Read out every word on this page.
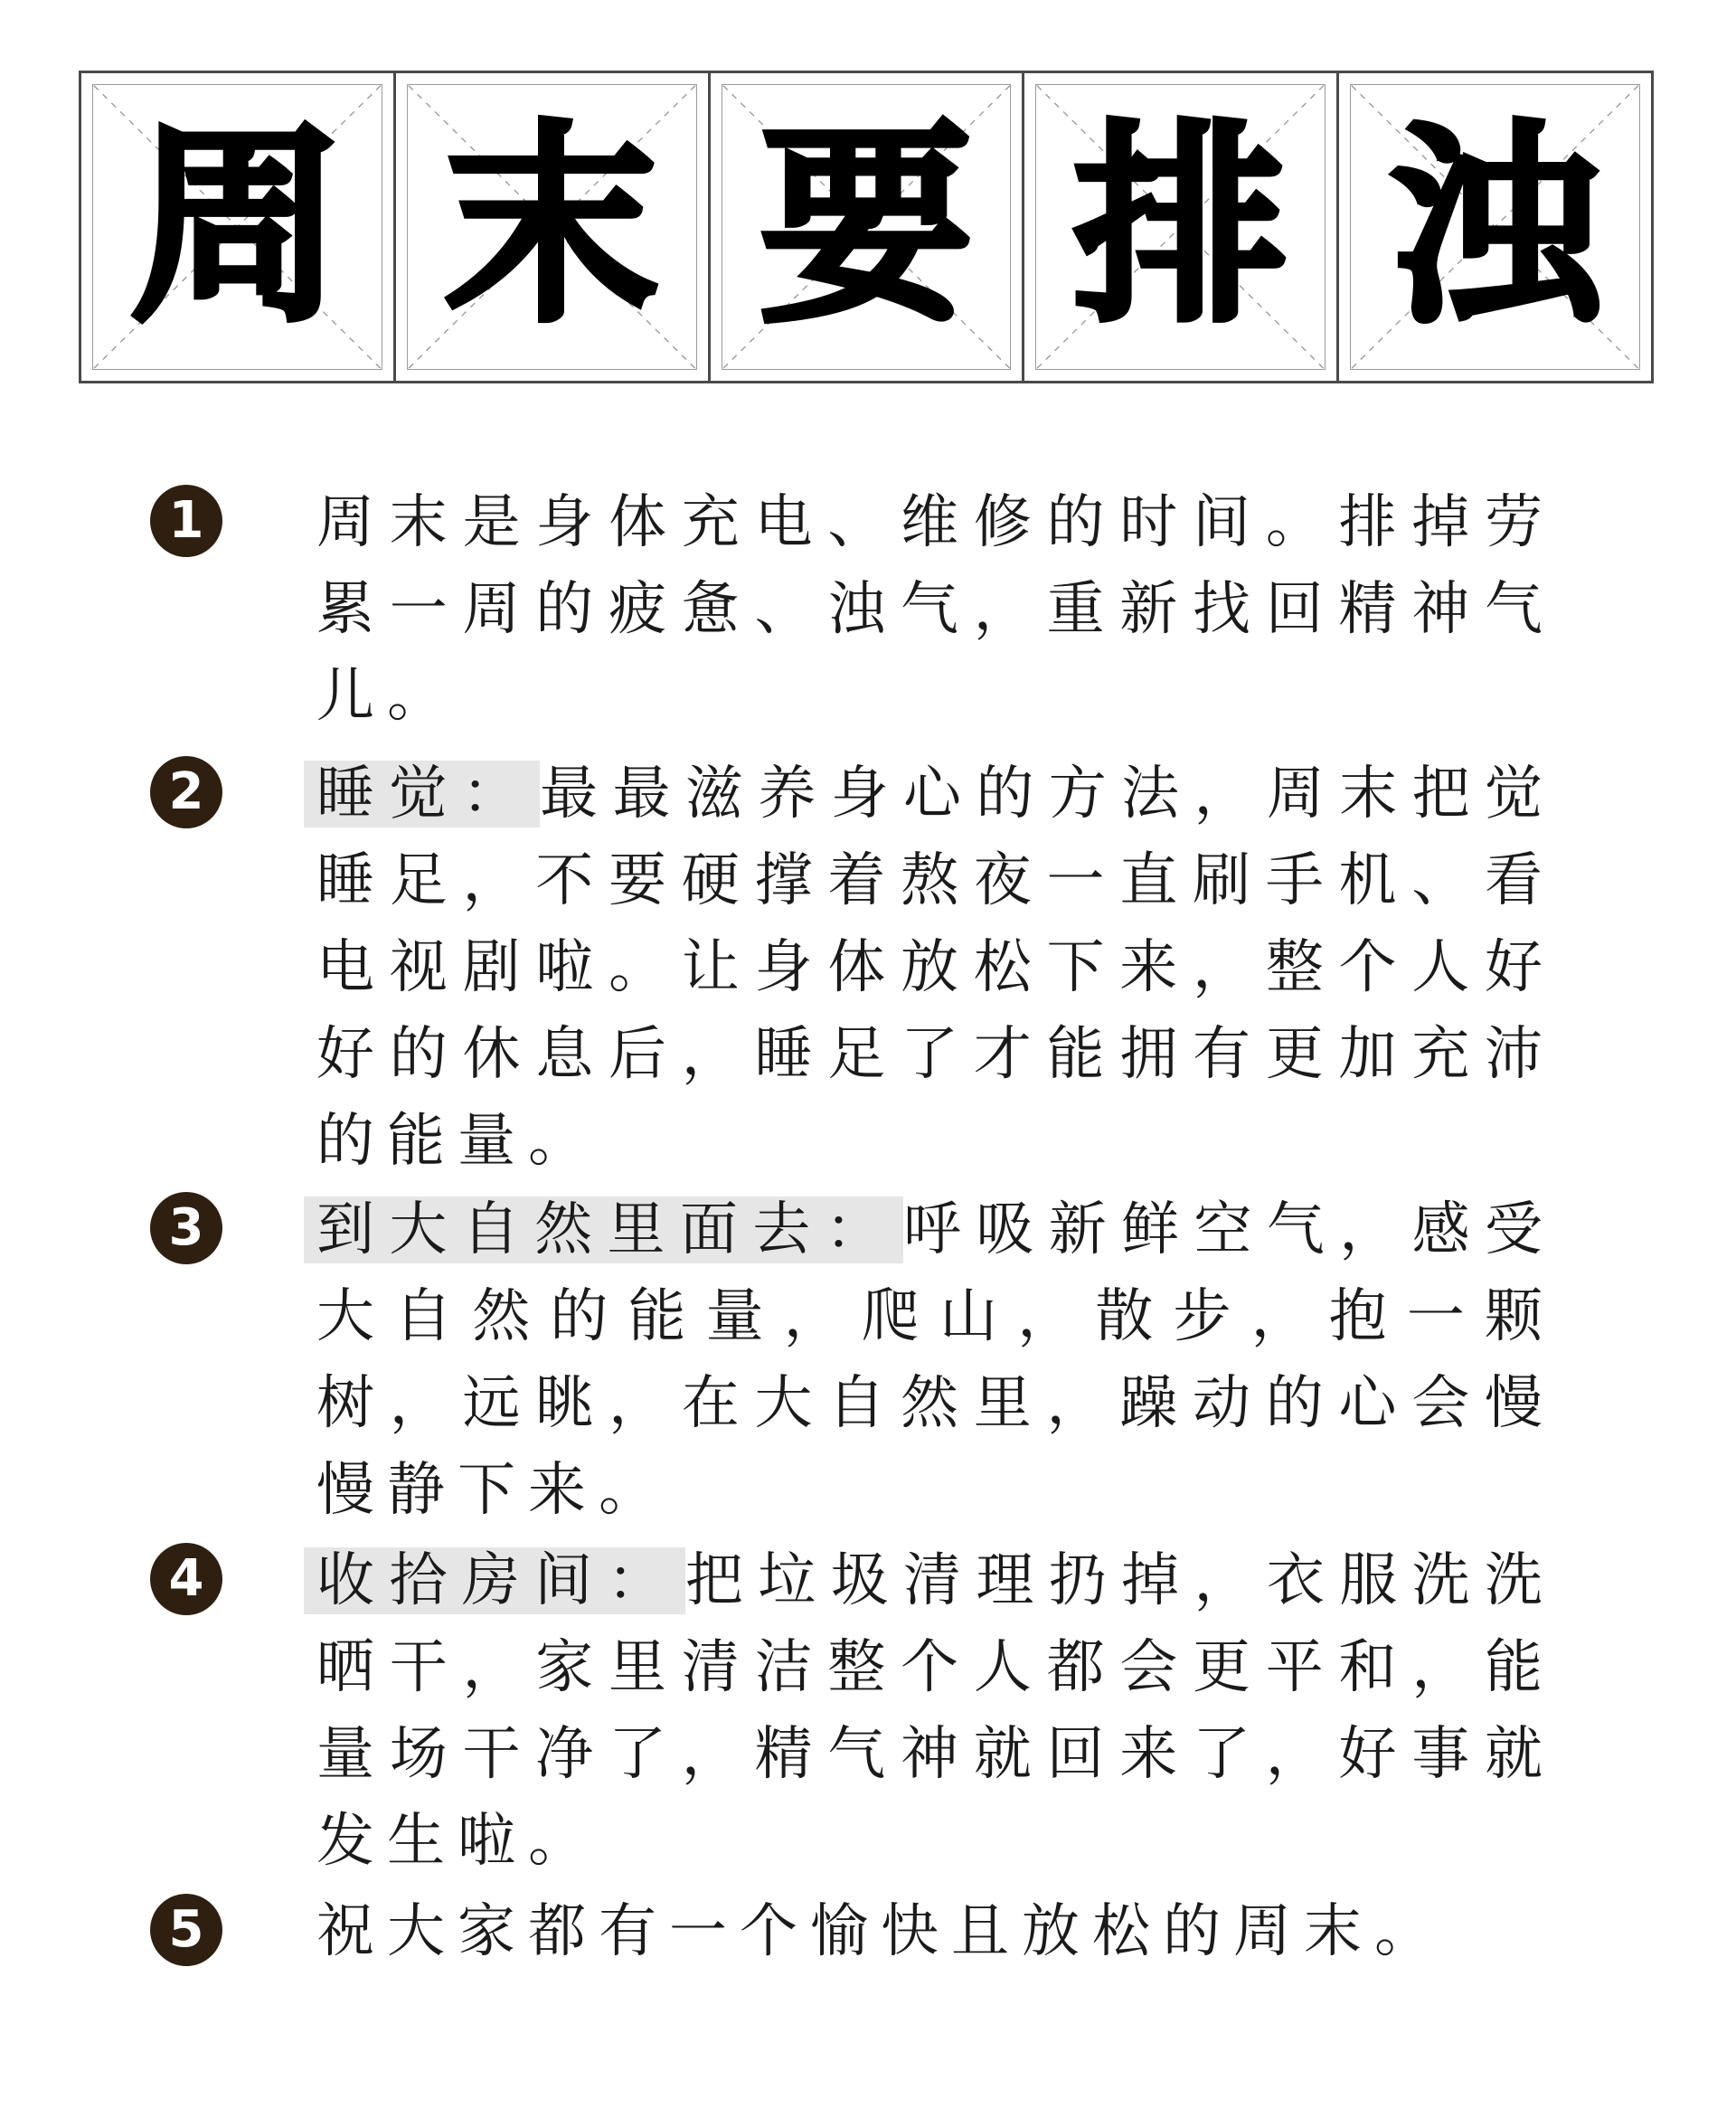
周 末 要 排 浊
1	周末是身体充电、维修的时间。排掉劳累一周的疲惫、浊气，重新找回精神气儿。
2	睡觉：最最滋养身心的方法，周末把觉睡足，不要硬撑着熬夜一直刷手机、看电视剧啦。让身体放松下来，整个人好好的休息后，睡足了才能拥有更加充沛的能量。
3	到大自然里面去：呼吸新鲜空气，感受大自然的能量，爬山，散步，抱一颗树，远眺，在大自然里，躁动的心会慢慢静下来。
4	收拾房间：把垃圾清理扔掉，衣服洗洗晒干，家里清洁整个人都会更平和，能量场干净了，精气神就回来了，好事就发生啦。
5	祝大家都有一个愉快且放松的周末。
